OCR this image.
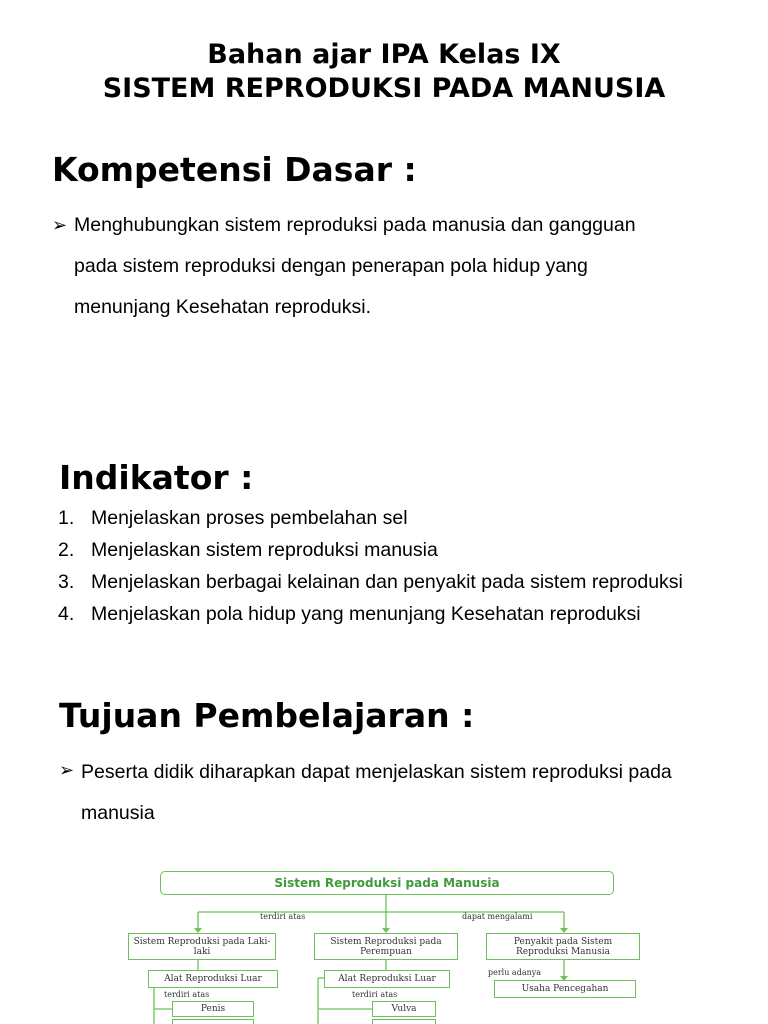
Bahan ajar IPA Kelas IX
SISTEM REPRODUKSI PADA MANUSIA
Kompetensi Dasar :
➢ Menghubungkan sistem reproduksi pada manusia dan gangguan
pada sistem reproduksi dengan penerapan pola hidup yang
menunjang Kesehatan reproduksi.
Indikator :
1. Menjelaskan proses pembelahan sel
2. Menjelaskan sistem reproduksi manusia
3. Menjelaskan berbagai kelainan dan penyakit pada sistem reproduksi
4. Menjelaskan pola hidup yang menunjang Kesehatan reproduksi
Tujuan Pembelajaran :
➢ Peserta didik diharapkan dapat menjelaskan sistem reproduksi pada
manusia
Sistem Reproduksi pada Manusia
terdiri atas	dapat mengalami
Sistem Reproduksi pada Laki-laki
Sistem Reproduksi pada Perempuan
Penyakit pada Sistem Reproduksi Manusia
perlu adanya
Alat Reproduksi Luar	Alat Reproduksi Luar
Usaha Pencegahan
terdiri atas	terdiri atas
Penis	Vulva
